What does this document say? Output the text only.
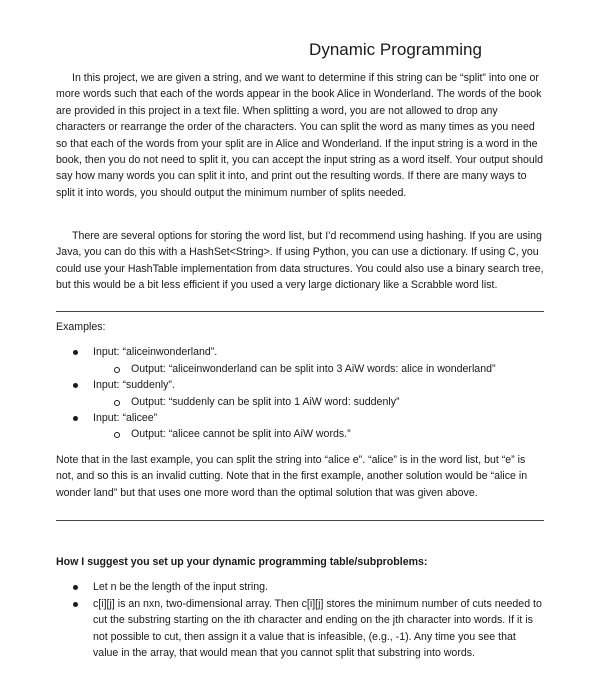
Dynamic Programming

In this project, we are given a string, and we want to determine if this string can be “split” into one or more words such that each of the words appear in the book Alice in Wonderland. The words of the book are provided in this project in a text file. When splitting a word, you are not allowed to drop any characters or rearrange the order of the characters. You can split the word as many times as you need so that each of the words from your split are in Alice and Wonderland. If the input string is a word in the book, then you do not need to split it, you can accept the input string as a word itself. Your output should say how many words you can split it into, and print out the resulting words. If there are many ways to split it into words, you should output the minimum number of splits needed.

There are several options for storing the word list, but I’d recommend using hashing. If you are using Java, you can do this with a HashSet<String>. If using Python, you can use a dictionary. If using C, you could use your HashTable implementation from data structures. You could also use a binary search tree, but this would be a bit less efficient if you used a very large dictionary like a Scrabble word list.

Examples:

Input: “aliceinwonderland”.
Output: “aliceinwonderland can be split into 3 AiW words: alice in wonderland”
Input: “suddenly”.
Output: “suddenly can be split into 1 AiW word: suddenly”
Input: “alicee”
Output: “alicee cannot be split into AiW words.”

Note that in the last example, you can split the string into “alice e”. “alice” is in the word list, but “e” is not, and so this is an invalid cutting. Note that in the first example, another solution would be “alice in wonder land” but that uses one more word than the optimal solution that was given above.

How I suggest you set up your dynamic programming table/subproblems:

Let n be the length of the input string.
c[i][j] is an nxn, two-dimensional array. Then c[i][j] stores the minimum number of cuts needed to cut the substring starting on the ith character and ending on the jth character into words. If it is not possible to cut, then assign it a value that is infeasible, (e.g., -1). Any time you see that value in the array, that would mean that you cannot split that substring into words.
